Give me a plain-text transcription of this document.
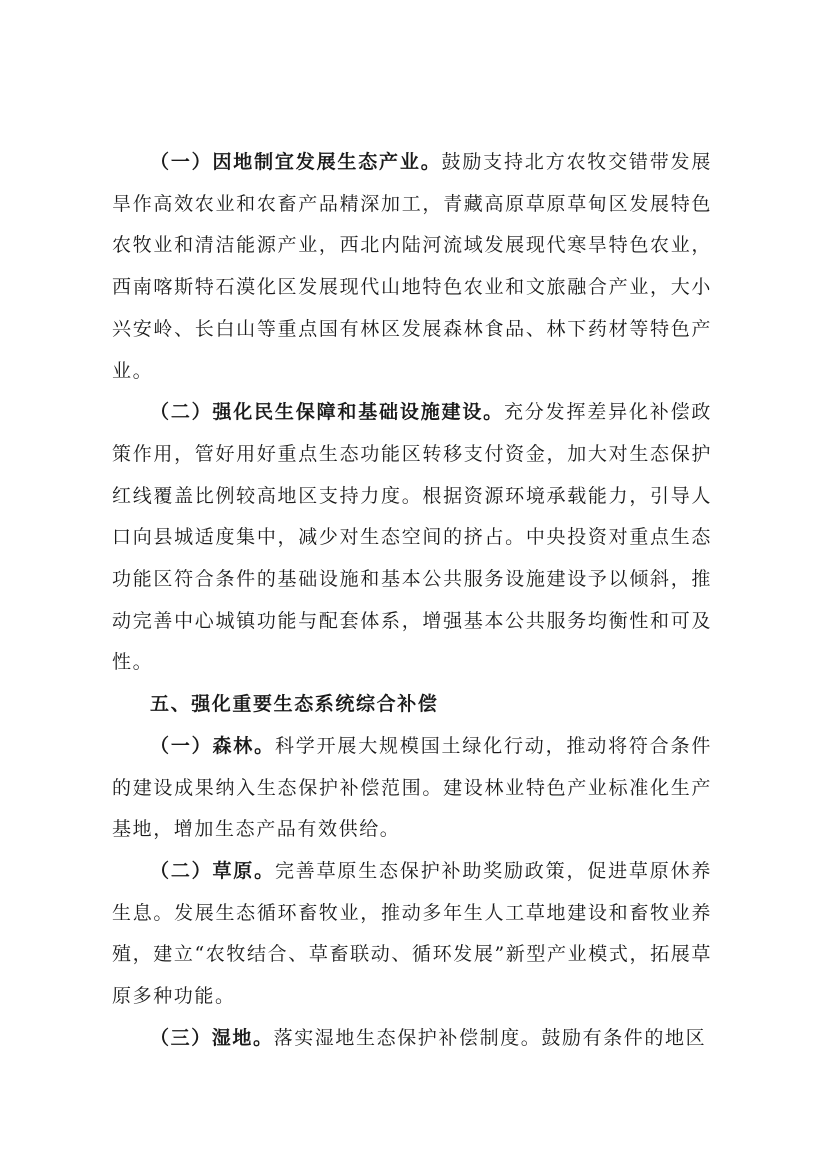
（一）因地制宜发展生态产业。鼓励支持北方农牧交错带发展旱作高效农业和农畜产品精深加工，青藏高原草原草甸区发展特色农牧业和清洁能源产业，西北内陆河流域发展现代寒旱特色农业，西南喀斯特石漠化区发展现代山地特色农业和文旅融合产业，大小兴安岭、长白山等重点国有林区发展森林食品、林下药材等特色产业。

（二）强化民生保障和基础设施建设。充分发挥差异化补偿政策作用，管好用好重点生态功能区转移支付资金，加大对生态保护红线覆盖比例较高地区支持力度。根据资源环境承载能力，引导人口向县城适度集中，减少对生态空间的挤占。中央投资对重点生态功能区符合条件的基础设施和基本公共服务设施建设予以倾斜，推动完善中心城镇功能与配套体系，增强基本公共服务均衡性和可及性。

五、强化重要生态系统综合补偿

（一）森林。科学开展大规模国土绿化行动，推动将符合条件的建设成果纳入生态保护补偿范围。建设林业特色产业标准化生产基地，增加生态产品有效供给。

（二）草原。完善草原生态保护补助奖励政策，促进草原休养生息。发展生态循环畜牧业，推动多年生人工草地建设和畜牧业养殖，建立“农牧结合、草畜联动、循环发展”新型产业模式，拓展草原多种功能。

（三）湿地。落实湿地生态保护补偿制度。鼓励有条件的地区
